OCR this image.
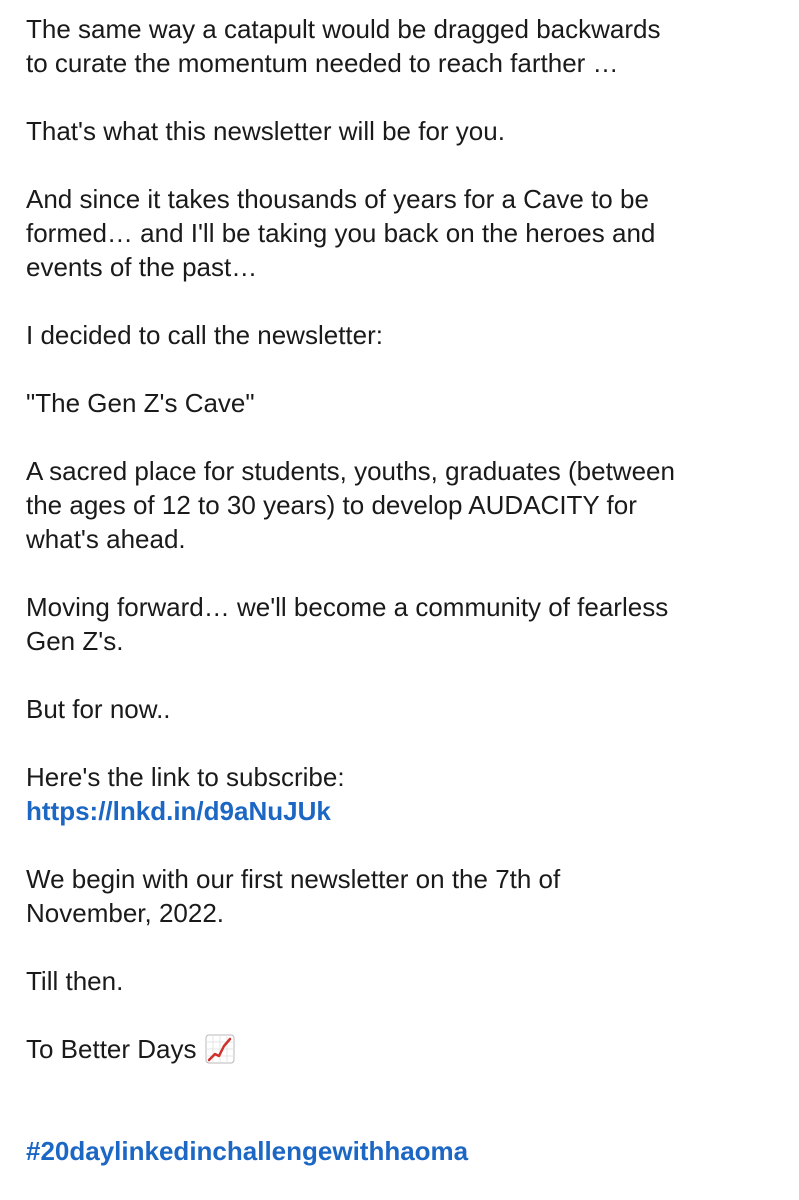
The same way a catapult would be dragged backwards

to curate the momentum needed to reach farther …

That's what this newsletter will be for you.

And since it takes thousands of years for a Cave to be

formed… and I'll be taking you back on the heroes and

events of the past…

I decided to call the newsletter:

"The Gen Z's Cave"

A sacred place for students, youths, graduates (between

the ages of 12 to 30 years) to develop AUDACITY for

what's ahead.

Moving forward… we'll become a community of fearless

Gen Z's.

But for now..

Here's the link to subscribe:

https://lnkd.in/d9aNuJUk

We begin with our first newsletter on the 7th of

November, 2022.

Till then.

To Better Days

#20daylinkedinchallengewithhaoma
